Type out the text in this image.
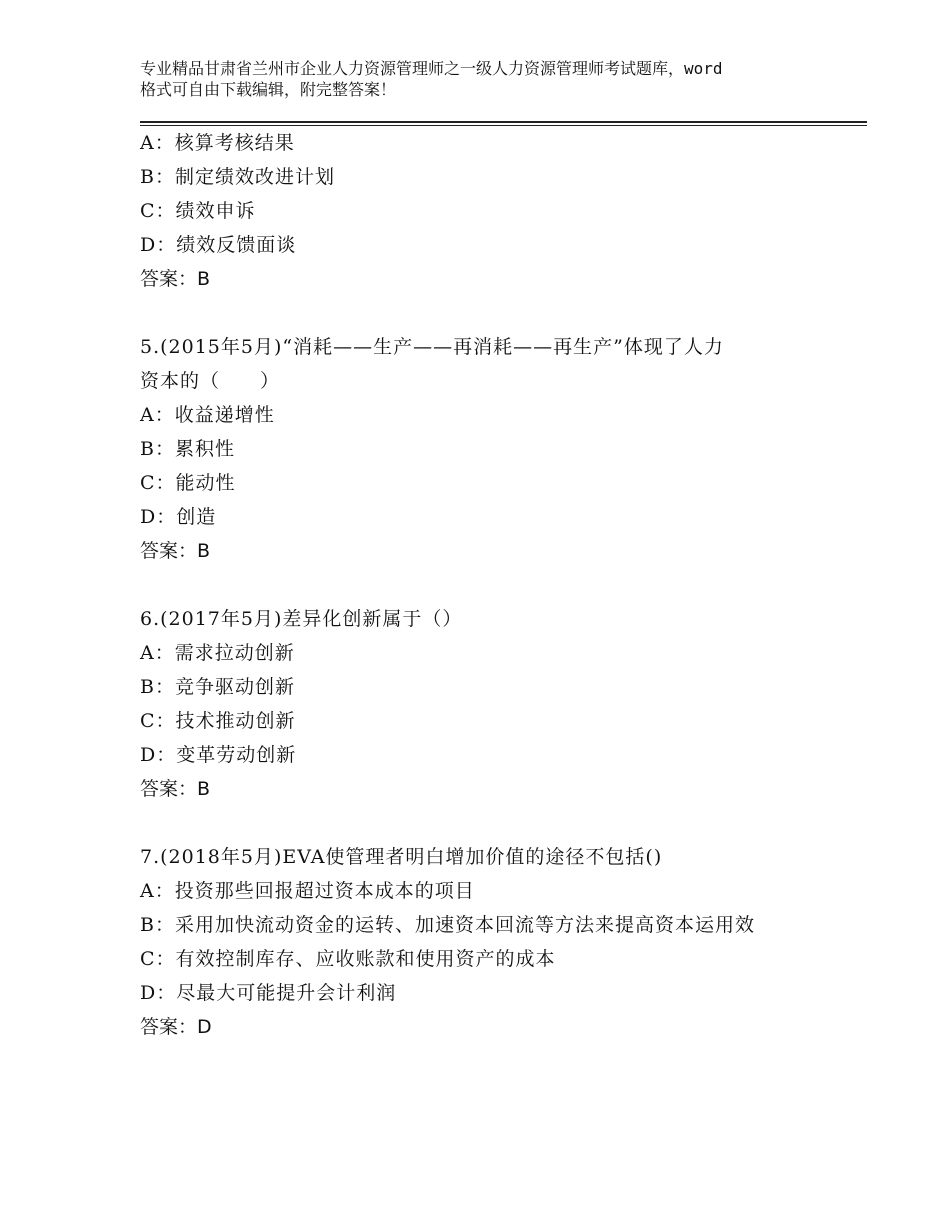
专业精品甘肃省兰州市企业人力资源管理师之一级人力资源管理师考试题库，word
格式可自由下载编辑，附完整答案！
A：核算考核结果
B：制定绩效改进计划
C：绩效申诉
D：绩效反馈面谈
答案：B
5.(2015年5月)“消耗——生产——再消耗——再生产”体现了人力
资本的（　　）
A：收益递增性
B：累积性
C：能动性
D：创造
答案：B
6.(2017年5月)差异化创新属于（）
A：需求拉动创新
B：竞争驱动创新
C：技术推动创新
D：变革劳动创新
答案：B
7.(2018年5月)EVA使管理者明白增加价值的途径不包括()
A：投资那些回报超过资本成本的项目
B：采用加快流动资金的运转、加速资本回流等方法来提高资本运用效
C：有效控制库存、应收账款和使用资产的成本
D：尽最大可能提升会计利润
答案：D
